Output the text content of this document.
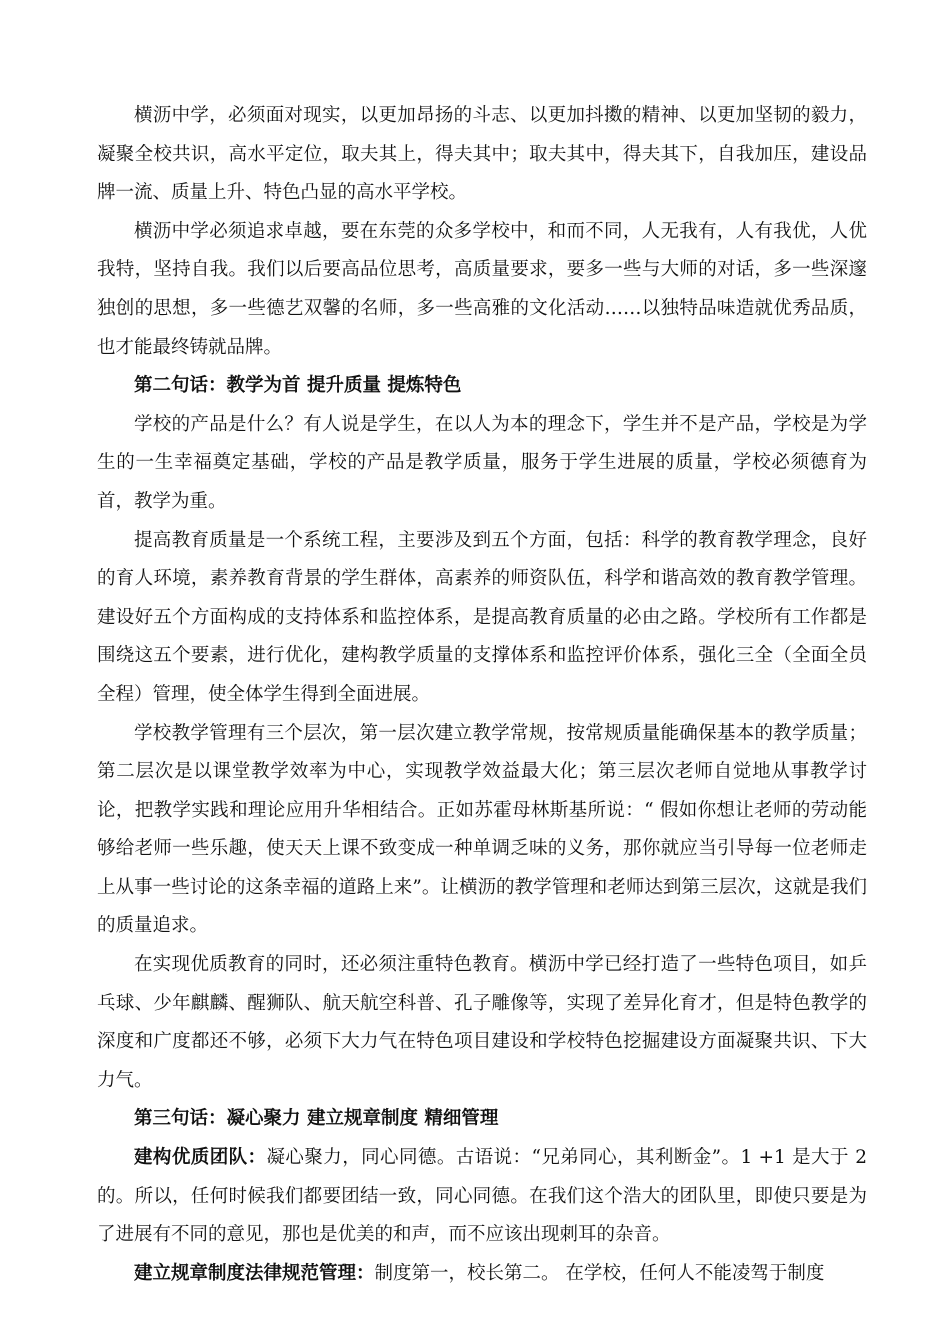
横沥中学，必须面对现实，以更加昂扬的斗志、以更加抖擞的精神、以更加坚韧的毅力，凝聚全校共识，高水平定位，取夫其上，得夫其中；取夫其中，得夫其下，自我加压，建设品牌一流、质量上升、特色凸显的高水平学校。

横沥中学必须追求卓越，要在东莞的众多学校中，和而不同，人无我有，人有我优，人优我特，坚持自我。我们以后要高品位思考，高质量要求，要多一些与大师的对话，多一些深邃独创的思想，多一些德艺双馨的名师，多一些高雅的文化活动……以独特品味造就优秀品质，也才能最终铸就品牌。

第二句话：教学为首 提升质量 提炼特色

学校的产品是什么？有人说是学生，在以人为本的理念下，学生并不是产品，学校是为学生的一生幸福奠定基础，学校的产品是教学质量，服务于学生进展的质量，学校必须德育为首，教学为重。

提高教育质量是一个系统工程，主要涉及到五个方面，包括：科学的教育教学理念，良好的育人环境，素养教育背景的学生群体，高素养的师资队伍，科学和谐高效的教育教学管理。建设好五个方面构成的支持体系和监控体系，是提高教育质量的必由之路。学校所有工作都是围绕这五个要素，进行优化，建构教学质量的支撑体系和监控评价体系，强化三全（全面全员全程）管理，使全体学生得到全面进展。

学校教学管理有三个层次，第一层次建立教学常规，按常规质量能确保基本的教学质量；第二层次是以课堂教学效率为中心，实现教学效益最大化；第三层次老师自觉地从事教学讨论，把教学实践和理论应用升华相结合。正如苏霍母林斯基所说：“ 假如你想让老师的劳动能够给老师一些乐趣，使天天上课不致变成一种单调乏味的义务，那你就应当引导每一位老师走上从事一些讨论的这条幸福的道路上来”。让横沥的教学管理和老师达到第三层次，这就是我们的质量追求。

在实现优质教育的同时，还必须注重特色教育。横沥中学已经打造了一些特色项目，如乒乓球、少年麒麟、醒狮队、航天航空科普、孔子雕像等，实现了差异化育才，但是特色教学的深度和广度都还不够，必须下大力气在特色项目建设和学校特色挖掘建设方面凝聚共识、下大力气。

第三句话：凝心聚力 建立规章制度 精细管理

建构优质团队：凝心聚力，同心同德。古语说：“兄弟同心，其利断金”。1 +1 是大于 2 的。所以，任何时候我们都要团结一致，同心同德。在我们这个浩大的团队里，即使只要是为了进展有不同的意见，那也是优美的和声，而不应该出现刺耳的杂音。

建立规章制度法律规范管理：制度第一，校长第二。 在学校，任何人不能凌驾于制度
